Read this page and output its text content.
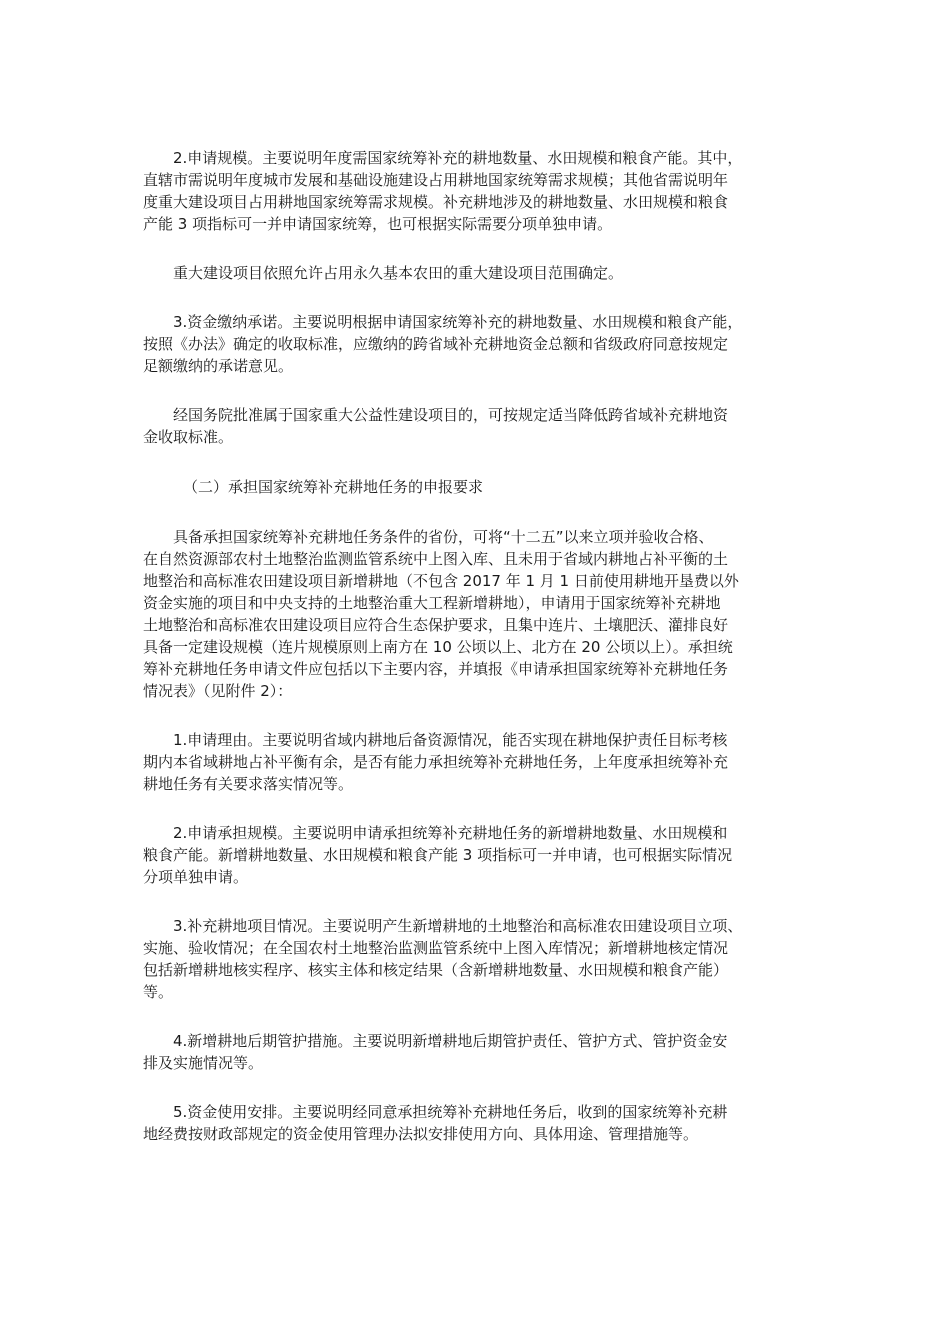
2.申请规模。主要说明年度需国家统筹补充的耕地数量、水田规模和粮食产能。其中，
直辖市需说明年度城市发展和基础设施建设占用耕地国家统筹需求规模；其他省需说明年
度重大建设项目占用耕地国家统筹需求规模。补充耕地涉及的耕地数量、水田规模和粮食
产能 3 项指标可一并申请国家统筹，也可根据实际需要分项单独申请。

重大建设项目依照允许占用永久基本农田的重大建设项目范围确定。

3.资金缴纳承诺。主要说明根据申请国家统筹补充的耕地数量、水田规模和粮食产能，
按照《办法》确定的收取标准，应缴纳的跨省域补充耕地资金总额和省级政府同意按规定
足额缴纳的承诺意见。

经国务院批准属于国家重大公益性建设项目的，可按规定适当降低跨省域补充耕地资
金收取标准。

（二）承担国家统筹补充耕地任务的申报要求

具备承担国家统筹补充耕地任务条件的省份，可将“十二五”以来立项并验收合格、
在自然资源部农村土地整治监测监管系统中上图入库、且未用于省域内耕地占补平衡的土
地整治和高标准农田建设项目新增耕地（不包含 2017 年 1 月 1 日前使用耕地开垦费以外
资金实施的项目和中央支持的土地整治重大工程新增耕地），申请用于国家统筹补充耕地
土地整治和高标准农田建设项目应符合生态保护要求，且集中连片、土壤肥沃、灌排良好
具备一定建设规模（连片规模原则上南方在 10 公顷以上、北方在 20 公顷以上）。承担统
筹补充耕地任务申请文件应包括以下主要内容，并填报《申请承担国家统筹补充耕地任务
情况表》（见附件 2）：

1.申请理由。主要说明省域内耕地后备资源情况，能否实现在耕地保护责任目标考核
期内本省域耕地占补平衡有余，是否有能力承担统筹补充耕地任务，上年度承担统筹补充
耕地任务有关要求落实情况等。

2.申请承担规模。主要说明申请承担统筹补充耕地任务的新增耕地数量、水田规模和
粮食产能。新增耕地数量、水田规模和粮食产能 3 项指标可一并申请，也可根据实际情况
分项单独申请。

3.补充耕地项目情况。主要说明产生新增耕地的土地整治和高标准农田建设项目立项、
实施、验收情况；在全国农村土地整治监测监管系统中上图入库情况；新增耕地核定情况
包括新增耕地核实程序、核实主体和核定结果（含新增耕地数量、水田规模和粮食产能）
等。

4.新增耕地后期管护措施。主要说明新增耕地后期管护责任、管护方式、管护资金安
排及实施情况等。

5.资金使用安排。主要说明经同意承担统筹补充耕地任务后，收到的国家统筹补充耕
地经费按财政部规定的资金使用管理办法拟安排使用方向、具体用途、管理措施等。
